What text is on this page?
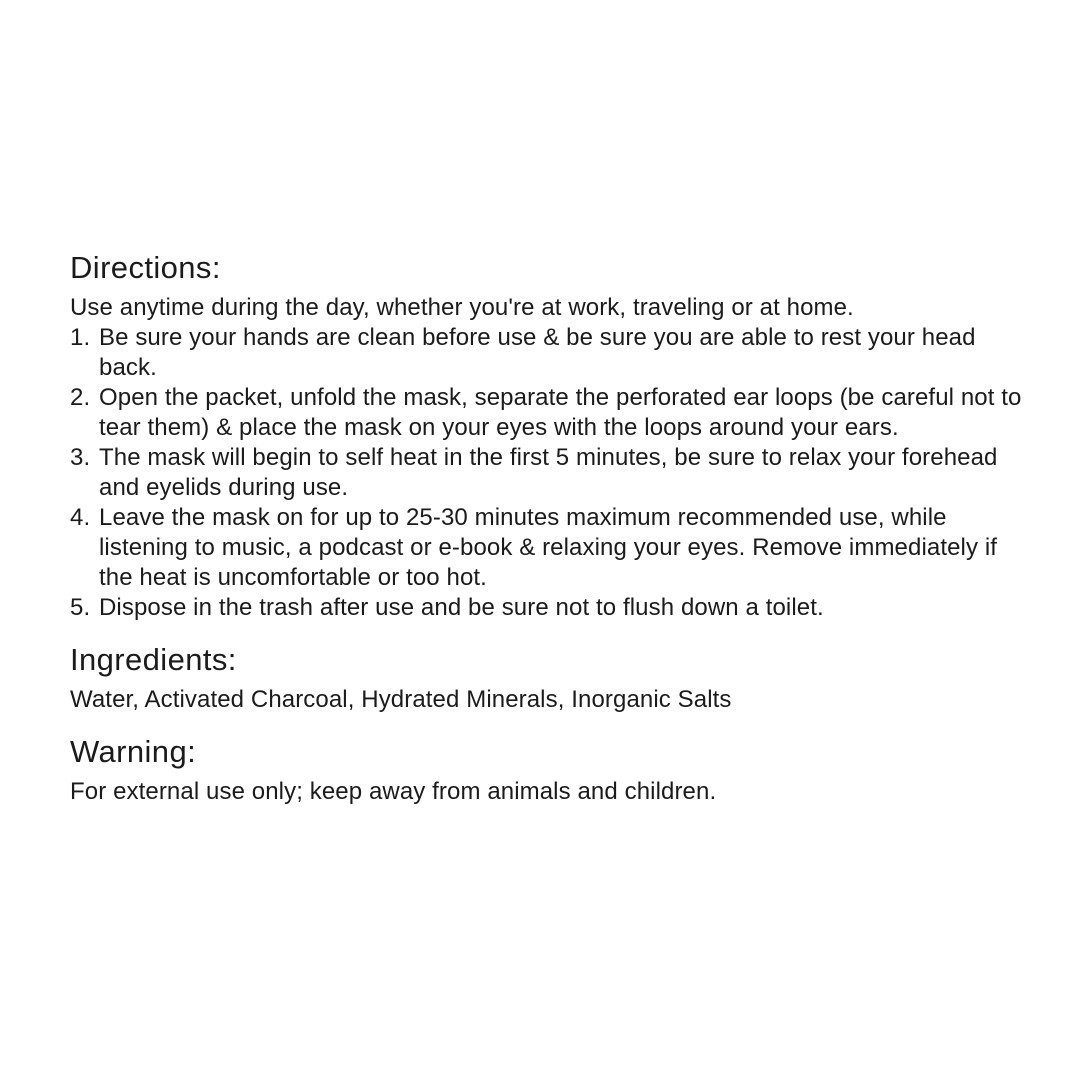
Directions:

Use anytime during the day, whether you're at work, traveling or at home.

Be sure your hands are clean before use & be sure you are able to rest your head back.
Open the packet, unfold the mask, separate the perforated ear loops (be careful not to tear them) & place the mask on your eyes with the loops around your ears.
The mask will begin to self heat in the first 5 minutes, be sure to relax your forehead and eyelids during use.
Leave the mask on for up to 25-30 minutes maximum recommended use, while listening to music, a podcast or e-book & relaxing your eyes. Remove immediately if the heat is uncomfortable or too hot.
Dispose in the trash after use and be sure not to flush down a toilet.
Ingredients:

Water, Activated Charcoal, Hydrated Minerals, Inorganic Salts

Warning:

For external use only; keep away from animals and children.
